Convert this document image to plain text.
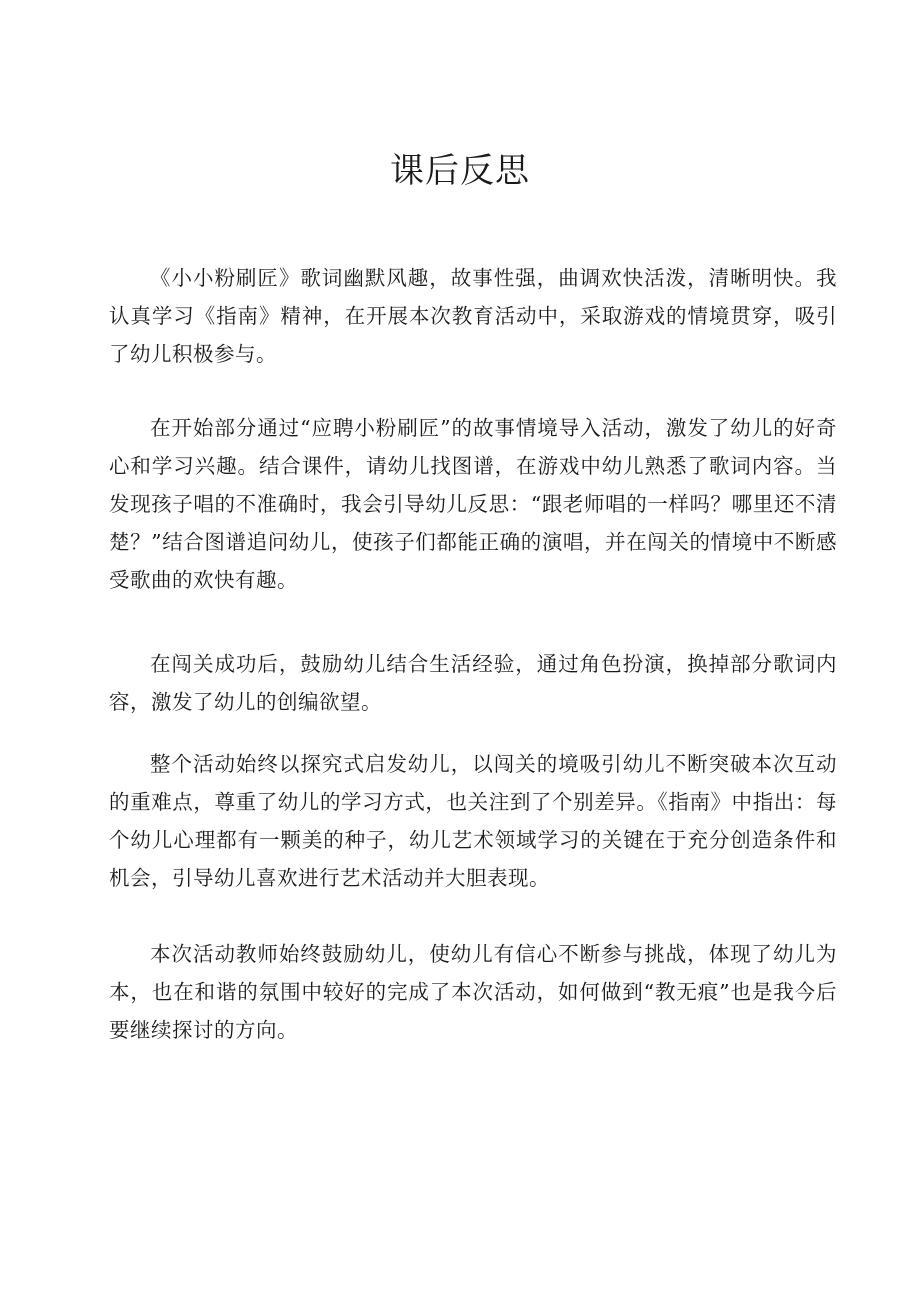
课后反思

《小小粉刷匠》歌词幽默风趣，故事性强，曲调欢快活泼，清晰明快。我认真学习《指南》精神，在开展本次教育活动中，采取游戏的情境贯穿，吸引了幼儿积极参与。

在开始部分通过“应聘小粉刷匠”的故事情境导入活动，激发了幼儿的好奇心和学习兴趣。结合课件，请幼儿找图谱，在游戏中幼儿熟悉了歌词内容。当发现孩子唱的不准确时，我会引导幼儿反思：“跟老师唱的一样吗？哪里还不清楚？”结合图谱追问幼儿，使孩子们都能正确的演唱，并在闯关的情境中不断感受歌曲的欢快有趣。

在闯关成功后，鼓励幼儿结合生活经验，通过角色扮演，换掉部分歌词内容，激发了幼儿的创编欲望。

整个活动始终以探究式启发幼儿，以闯关的境吸引幼儿不断突破本次互动的重难点，尊重了幼儿的学习方式，也关注到了个别差异。《指南》中指出：每个幼儿心理都有一颗美的种子，幼儿艺术领域学习的关键在于充分创造条件和机会，引导幼儿喜欢进行艺术活动并大胆表现。

本次活动教师始终鼓励幼儿，使幼儿有信心不断参与挑战，体现了幼儿为本，也在和谐的氛围中较好的完成了本次活动，如何做到“教无痕”也是我今后要继续探讨的方向。
